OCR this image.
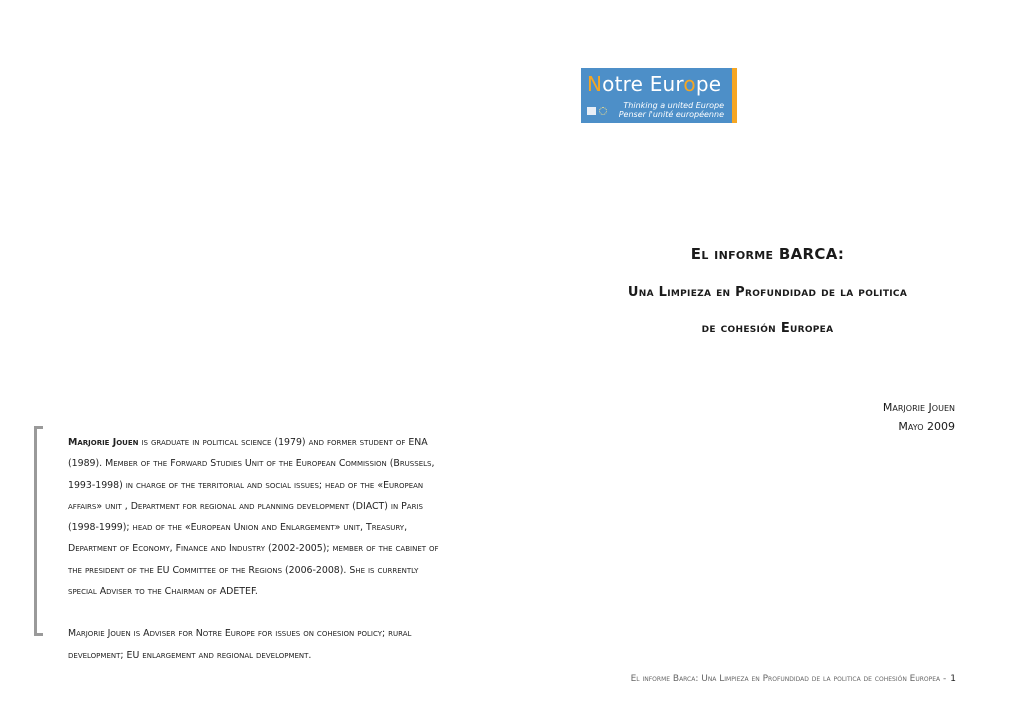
Notre Europe
Thinking a united Europe
Penser l'unité européenne
El informe BARCA:
Una Limpieza en Profundidad de la politica
de cohesión Europea
Marjorie Jouen
Mayo 2009

Marjorie Jouen is graduate in political science (1979) and former student of ENA (1989). Member of the Forward Studies Unit of the European Commission (Brussels, 1993-1998) in charge of the territorial and social issues; head of the «European affairs» unit , Department for regional and planning development (DIACT) in Paris (1998-1999); head of the «European Union and Enlargement» unit, Treasury, Department of Economy, Finance and Industry (2002-2005); member of the cabinet of the president of the EU Committee of the Regions (2006-2008). She is currently special Adviser to the Chairman of ADETEF.

Marjorie Jouen is Adviser for Notre Europe for issues on cohesion policy; rural development; EU enlargement and regional development.

El informe Barca: Una Limpieza en Profundidad de la politica de cohesión Europea - 1
